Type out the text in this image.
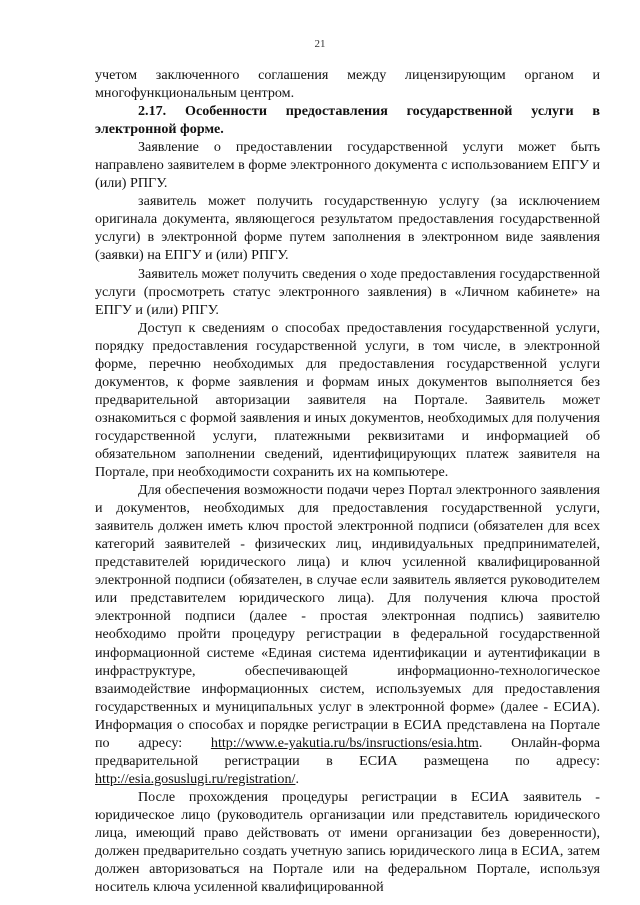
21

учетом заключенного соглашения между лицензирующим органом и многофункциональным центром.

2.17. Особенности предоставления государственной услуги в электронной форме.

Заявление о предоставлении государственной услуги может быть направлено заявителем в форме электронного документа с использованием ЕПГУ и (или) РПГУ.

заявитель может получить государственную услугу (за исключением оригинала документа, являющегося результатом предоставления государственной услуги) в электронной форме путем заполнения в электронном виде заявления (заявки) на ЕПГУ и (или) РПГУ.

Заявитель может получить сведения о ходе предоставления государственной услуги (просмотреть статус электронного заявления) в «Личном кабинете» на ЕПГУ и (или) РПГУ.

Доступ к сведениям о способах предоставления государственной услуги, порядку предоставления государственной услуги, в том числе, в электронной форме, перечню необходимых для предоставления государственной услуги документов, к форме заявления и формам иных документов выполняется без предварительной авторизации заявителя на Портале. Заявитель может ознакомиться с формой заявления и иных документов, необходимых для получения государственной услуги, платежными реквизитами и информацией об обязательном заполнении сведений, идентифицирующих платеж заявителя на Портале, при необходимости сохранить их на компьютере.

Для обеспечения возможности подачи через Портал электронного заявления и документов, необходимых для предоставления государственной услуги, заявитель должен иметь ключ простой электронной подписи (обязателен для всех категорий заявителей - физических лиц, индивидуальных предпринимателей, представителей юридического лица) и ключ усиленной квалифицированной электронной подписи (обязателен, в случае если заявитель является руководителем или представителем юридического лица). Для получения ключа простой электронной подписи (далее - простая электронная подпись) заявителю необходимо пройти процедуру регистрации в федеральной государственной информационной системе «Единая система идентификации и аутентификации в инфраструктуре, обеспечивающей информационно-технологическое взаимодействие информационных систем, используемых для предоставления государственных и муниципальных услуг в электронной форме» (далее - ЕСИА). Информация о способах и порядке регистрации в ЕСИА представлена на Портале по адресу: http://www.e-yakutia.ru/bs/insructions/esia.htm. Онлайн-форма предварительной регистрации в ЕСИА размещена по адресу: http://esia.gosuslugi.ru/registration/.

После прохождения процедуры регистрации в ЕСИА заявитель - юридическое лицо (руководитель организации или представитель юридического лица, имеющий право действовать от имени организации без доверенности), должен предварительно создать учетную запись юридического лица в ЕСИА, затем должен авторизоваться на Портале или на федеральном Портале, используя носитель ключа усиленной квалифицированной
